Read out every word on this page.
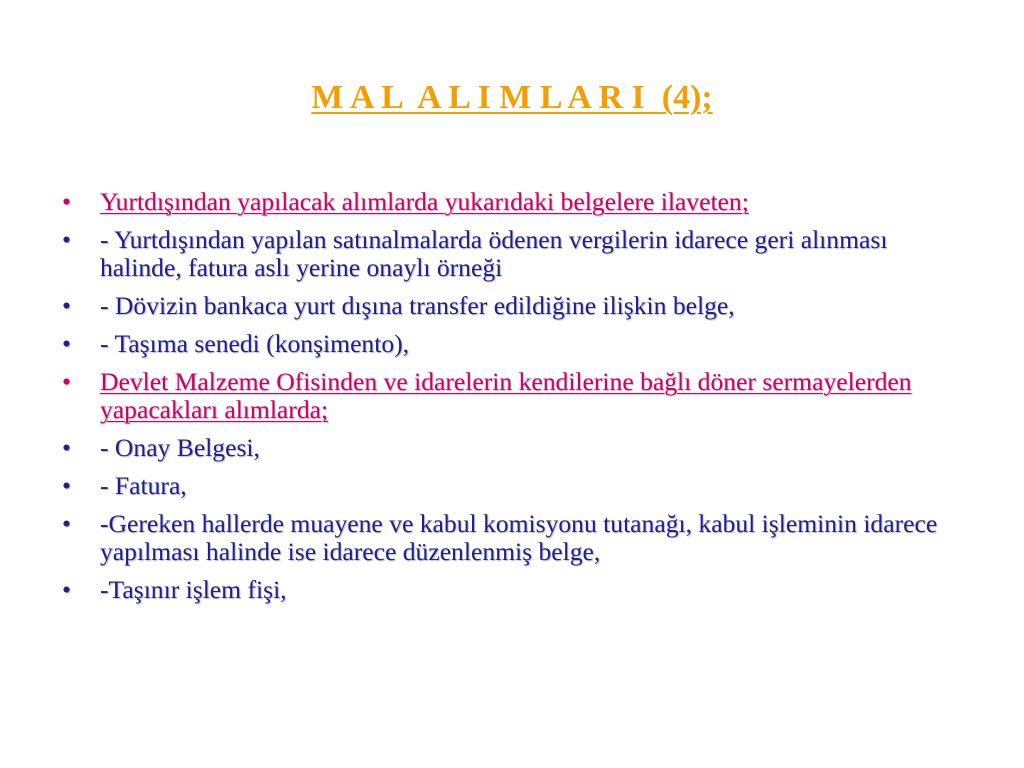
M A L  A L I M L A R I  (4);
•
Yurtdışından yapılacak alımlarda yukarıdaki belgelere ilaveten;
•
- Yurtdışından yapılan satınalmalarda ödenen vergilerin idarece geri alınması halinde, fatura aslı yerine onaylı örneği
•
- Dövizin bankaca yurt dışına transfer edildiğine ilişkin belge,
•
- Taşıma senedi (konşimento),
•
Devlet Malzeme Ofisinden ve idarelerin kendilerine bağlı döner sermayelerden yapacakları alımlarda;
•
- Onay Belgesi,
•
- Fatura,
•
-Gereken hallerde muayene ve kabul komisyonu tutanağı, kabul işleminin idarece yapılması halinde ise idarece düzenlenmiş belge,
•
-Taşınır işlem fişi,
